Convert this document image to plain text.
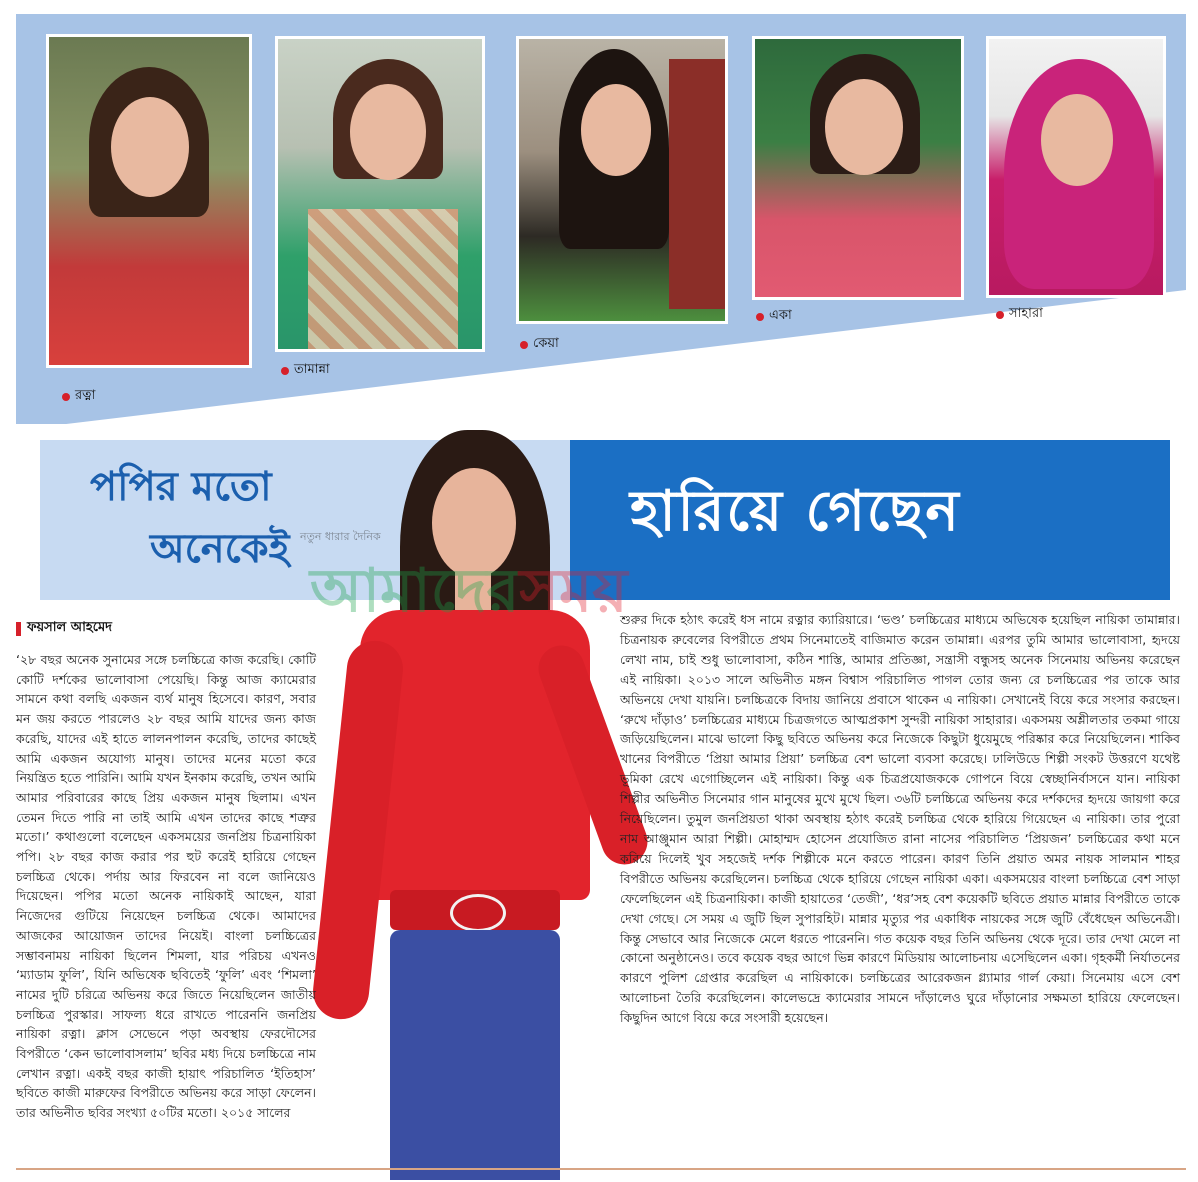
রত্না
তামান্না
কেয়া
একা	সাহারা
পপির মতো
অনেকেই
হারিয়ে গেছেন
নতুন ধারার দৈনিক
আমাদেরসময়
ফয়সাল আহমেদ

‘২৮ বছর অনেক সুনামের সঙ্গে চলচ্চিত্রে কাজ করেছি। কোটি কোটি দর্শকের ভালোবাসা পেয়েছি। কিন্তু আজ ক্যামেরার সামনে কথা বলছি একজন ব্যর্থ মানুষ হিসেবে। কারণ, সবার মন জয় করতে পারলেও ২৮ বছর আমি যাদের জন্য কাজ করেছি, যাদের এই হাতে লালনপালন করেছি, তাদের কাছেই আমি একজন অযোগ্য মানুষ। তাদের মনের মতো করে নিয়ন্ত্রিত হতে পারিনি। আমি যখন ইনকাম করেছি, তখন আমি আমার পরিবারের কাছে প্রিয় একজন মানুষ ছিলাম। এখন তেমন দিতে পারি না তাই আমি এখন তাদের কাছে শত্রুর মতো।’ কথাগুলো বলেছেন একসময়ের জনপ্রিয় চিত্রনায়িকা পপি। ২৮ বছর কাজ করার পর হুট করেই হারিয়ে গেছেন চলচ্চিত্র থেকে। পর্দায় আর ফিরবেন না বলে জানিয়েও দিয়েছেন। পপির মতো অনেক নায়িকাই আছেন, যারা নিজেদের গুটিয়ে নিয়েছেন চলচ্চিত্র থেকে। আমাদের আজকের আয়োজন তাদের নিয়েই। বাংলা চলচ্চিত্রের সম্ভাবনাময় নায়িকা ছিলেন শিমলা, যার পরিচয় এখনও ‘ম্যাডাম ফুলি’, যিনি অভিষেক ছবিতেই ‘ফুলি’ এবং ‘শিমলা’ নামের দুটি চরিত্রে অভিনয় করে জিতে নিয়েছিলেন জাতীয় চলচ্চিত্র পুরস্কার। সাফল্য ধরে রাখতে পারেননি জনপ্রিয় নায়িকা রত্না। ক্লাস সেভেনে পড়া অবস্থায় ফেরদৌসের বিপরীতে ‘কেন ভালোবাসলাম’ ছবির মধ্য দিয়ে চলচ্চিত্রে নাম লেখান রত্না। একই বছর কাজী হায়াৎ পরিচালিত ‘ইতিহাস’ ছবিতে কাজী মারুফের বিপরীতে অভিনয় করে সাড়া ফেলেন। তার অভিনীত ছবির সংখ্যা ৫০টির মতো। ২০১৫ সালের

শুরুর দিকে হঠাৎ করেই ধস নামে রত্নার ক্যারিয়ারে। ‘ভণ্ড’ চলচ্চিত্রের মাধ্যমে অভিষেক হয়েছিল নায়িকা তামান্নার। চিত্রনায়ক রুবেলের বিপরীতে প্রথম সিনেমাতেই বাজিমাত করেন তামান্না। এরপর তুমি আমার ভালোবাসা, হৃদয়ে লেখা নাম, চাই শুধু ভালোবাসা, কঠিন শাস্তি, আমার প্রতিজ্ঞা, সন্ত্রাসী বন্ধুসহ অনেক সিনেমায় অভিনয় করেছেন এই নায়িকা। ২০১৩ সালে অভিনীত মঙ্গন বিশ্বাস পরিচালিত পাগল তোর জন্য রে চলচ্চিত্রের পর তাকে আর অভিনয়ে দেখা যায়নি। চলচ্চিত্রকে বিদায় জানিয়ে প্রবাসে থাকেন এ নায়িকা। সেখানেই বিয়ে করে সংসার করছেন। ‘রুখে দাঁড়াও’ চলচ্চিত্রের মাধ্যমে চিত্রজগতে আত্মপ্রকাশ সুন্দরী নায়িকা সাহারার। একসময় অশ্লীলতার তকমা গায়ে জড়িয়েছিলেন। মাঝে ভালো কিছু ছবিতে অভিনয় করে নিজেকে কিছুটা ধুয়েমুছে পরিষ্কার করে নিয়েছিলেন। শাকিব খানের বিপরীতে ‘প্রিয়া আমার প্রিয়া’ চলচ্চিত্র বেশ ভালো ব্যবসা করেছে। ঢালিউডে শিল্পী সংকট উত্তরণে যথেষ্ট ভূমিকা রেখে এগোচ্ছিলেন এই নায়িকা। কিন্তু এক চিত্রপ্রযোজককে গোপনে বিয়ে স্বেচ্ছানির্বাসনে যান। নায়িকা শিল্পীর অভিনীত সিনেমার গান মানুষের মুখে মুখে ছিল। ৩৬টি চলচ্চিত্রে অভিনয় করে দর্শকদের হৃদয়ে জায়গা করে নিয়েছিলেন। তুমুল জনপ্রিয়তা থাকা অবস্থায় হঠাৎ করেই চলচ্চিত্র থেকে হারিয়ে গিয়েছেন এ নায়িকা। তার পুরো নাম আঞ্জুমান আরা শিল্পী। মোহাম্মদ হোসেন প্রযোজিত রানা নাসের পরিচালিত ‘প্রিয়জন’ চলচ্চিত্রের কথা মনে করিয়ে দিলেই খুব সহজেই দর্শক শিল্পীকে মনে করতে পারেন। কারণ তিনি প্রয়াত অমর নায়ক সালমান শাহর বিপরীতে অভিনয় করেছিলেন। চলচ্চিত্র থেকে হারিয়ে গেছেন নায়িকা একা। একসময়ের বাংলা চলচ্চিত্রে বেশ সাড়া ফেলেছিলেন এই চিত্রনায়িকা। কাজী হায়াতের ‘তেজী’, ‘ধর’সহ বেশ কয়েকটি ছবিতে প্রয়াত মান্নার বিপরীতে তাকে দেখা গেছে। সে সময় এ জুটি ছিল সুপারহিট। মান্নার মৃত্যুর পর একাধিক নায়কের সঙ্গে জুটি বেঁধেছেন অভিনেত্রী। কিন্তু সেভাবে আর নিজেকে মেলে ধরতে পারেননি। গত কয়েক বছর তিনি অভিনয় থেকে দূরে। তার দেখা মেলে না কোনো অনুষ্ঠানেও। তবে কয়েক বছর আগে ভিন্ন কারণে মিডিয়ায় আলোচনায় এসেছিলেন একা। গৃহকর্মী নির্যাতনের কারণে পুলিশ গ্রেপ্তার করেছিল এ নায়িকাকে। চলচ্চিত্রের আরেকজন গ্ল্যামার গার্ল কেয়া। সিনেমায় এসে বেশ আলোচনা তৈরি করেছিলেন। কালেভদ্রে ক্যামেরার সামনে দাঁড়ালেও ঘুরে দাঁড়ানোর সক্ষমতা হারিয়ে ফেলেছেন। কিছুদিন আগে বিয়ে করে সংসারী হয়েছেন।
